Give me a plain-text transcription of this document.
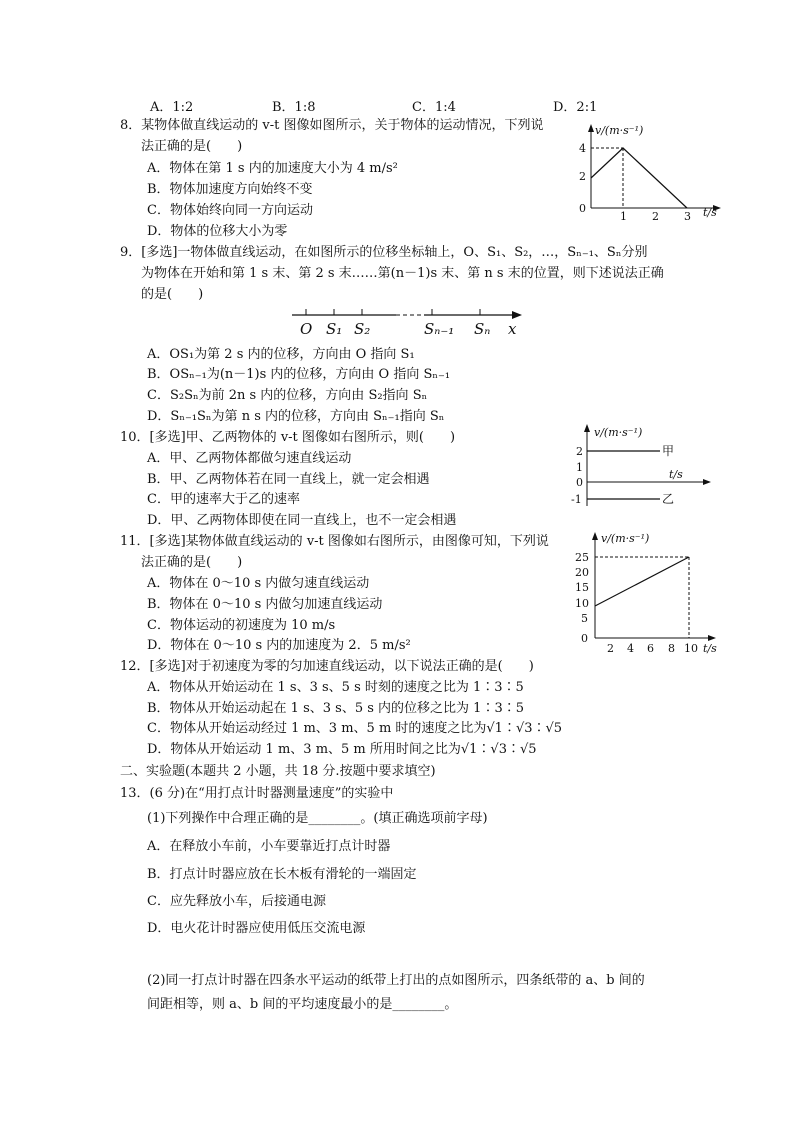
A．1:2	B．1:8	C．1:4	D．2:1
8．某物体做直线运动的 v-t 图像如图所示，关于物体的运动情况，下列说
法正确的是(　　)
A．物体在第 1 s 内的加速度大小为 4 m/s²
B．物体加速度方向始终不变
C．物体始终向同一方向运动
D．物体的位移大小为零
v/(m·s⁻¹)
t/s
4
2
0
1 2 3
9．[多选]一物体做直线运动，在如图所示的位移坐标轴上，O、S₁、S₂，…，Sₙ₋₁、Sₙ分别
为物体在开始和第 1 s 末、第 2 s 末……第(n－1)s 末、第 n s 末的位置，则下述说法正确
的是(　　)
O S₁ S₂	Sₙ₋₁ Sₙ x
A．OS₁为第 2 s 内的位移，方向由 O 指向 S₁
B．OSₙ₋₁为(n－1)s 内的位移，方向由 O 指向 Sₙ₋₁
C．S₂Sₙ为前 2n s 内的位移，方向由 S₂指向 Sₙ
D．Sₙ₋₁Sₙ为第 n s 内的位移，方向由 Sₙ₋₁指向 Sₙ
10．[多选]甲、乙两物体的 v-t 图像如右图所示，则(　　)
A．甲、乙两物体都做匀速直线运动
B．甲、乙两物体若在同一直线上，就一定会相遇
C．甲的速率大于乙的速率
D．甲、乙两物体即使在同一直线上，也不一定会相遇
v/(m·s⁻¹)
t/s
2
1
0
-1
甲
乙
11．[多选]某物体做直线运动的 v-t 图像如右图所示，由图像可知，下列说
法正确的是(　　)
A．物体在 0～10 s 内做匀速直线运动
B．物体在 0～10 s 内做匀加速直线运动
C．物体运动的初速度为 10 m/s
D．物体在 0～10 s 内的加速度为 2．5 m/s²
v/(m·s⁻¹)
t/s
25
20
15
10
5
0
2 4 6 8 10
12．[多选]对于初速度为零的匀加速直线运动，以下说法正确的是(　　)
A．物体从开始运动在 1 s、3 s、5 s 时刻的速度之比为 1∶3∶5
B．物体从开始运动起在 1 s、3 s、5 s 内的位移之比为 1∶3∶5
C．物体从开始运动经过 1 m、3 m、5 m 时的速度之比为√1∶√3∶√5
D．物体从开始运动 1 m、3 m、5 m 所用时间之比为√1∶√3∶√5
二、实验题(本题共 2 小题，共 18 分.按题中要求填空)
13．(6 分)在“用打点计时器测量速度”的实验中
(1)下列操作中合理正确的是________。(填正确选项前字母)
A．在释放小车前，小车要靠近打点计时器
B．打点计时器应放在长木板有滑轮的一端固定
C．应先释放小车，后接通电源
D．电火花计时器应使用低压交流电源
(2)同一打点计时器在四条水平运动的纸带上打出的点如图所示，四条纸带的 a、b 间的
间距相等，则 a、b 间的平均速度最小的是________。
